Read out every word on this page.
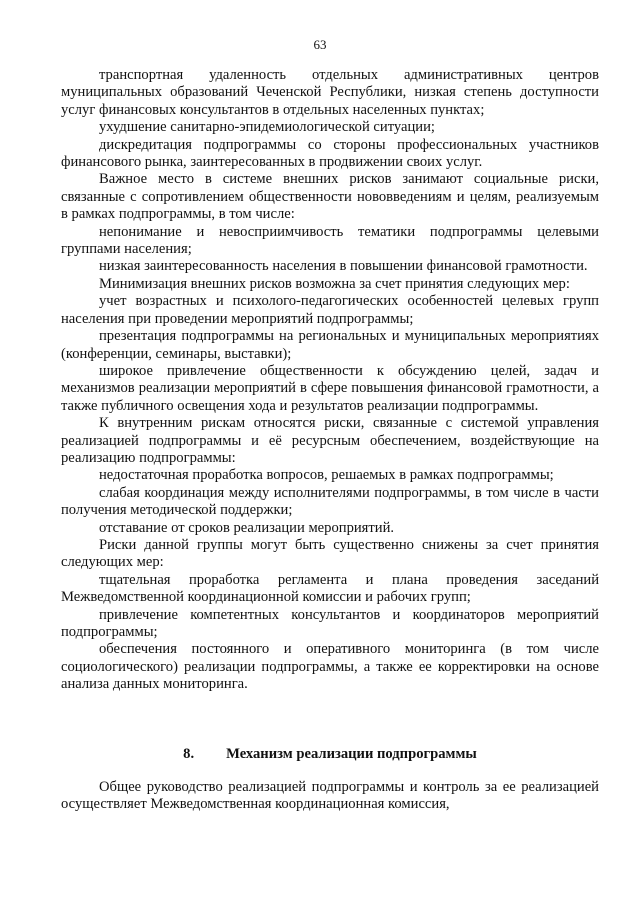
63

транспортная удаленность отдельных административных центров муниципальных образований Чеченской Республики, низкая степень доступности услуг финансовых консультантов в отдельных населенных пунктах;

ухудшение санитарно-эпидемиологической ситуации;

дискредитация подпрограммы со стороны профессиональных участников финансового рынка, заинтересованных в продвижении своих услуг.

Важное место в системе внешних рисков занимают социальные риски, связанные с сопротивлением общественности нововведениям и целям, реализуемым в рамках подпрограммы, в том числе:

непонимание и невосприимчивость тематики подпрограммы целевыми группами населения;

низкая заинтересованность населения в повышении финансовой грамотности.

Минимизация внешних рисков возможна за счет принятия следующих мер:

учет возрастных и психолого-педагогических особенностей целевых групп населения при проведении мероприятий подпрограммы;

презентация подпрограммы на региональных и муниципальных мероприятиях (конференции, семинары, выставки);

широкое привлечение общественности к обсуждению целей, задач и механизмов реализации мероприятий в сфере повышения финансовой грамотности, а также публичного освещения хода и результатов реализации подпрограммы.

К внутренним рискам относятся риски, связанные с системой управления реализацией подпрограммы и её ресурсным обеспечением, воздействующие на реализацию подпрограммы:

недостаточная проработка вопросов, решаемых в рамках подпрограммы;

слабая координация между исполнителями подпрограммы, в том числе в части получения методической поддержки;

отставание от сроков реализации мероприятий.

Риски данной группы могут быть существенно снижены за счет принятия следующих мер:

тщательная проработка регламента и плана проведения заседаний Межведомственной координационной комиссии и рабочих групп;

привлечение компетентных консультантов и координаторов мероприятий подпрограммы;

обеспечения постоянного и оперативного мониторинга (в том числе социологического) реализации подпрограммы, а также ее корректировки на основе анализа данных мониторинга.

8. Механизм реализации подпрограммы

Общее руководство реализацией подпрограммы и контроль за ее реализацией осуществляет Межведомственная координационная комиссия,
